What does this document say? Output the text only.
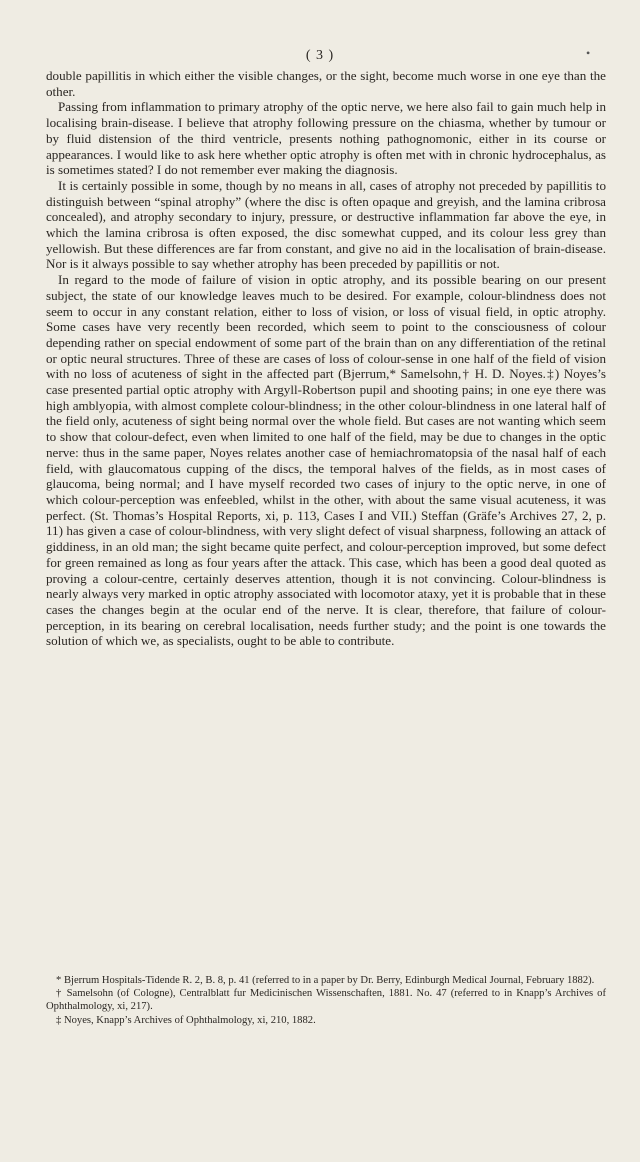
( 3 )	•

double papillitis in which either the visible changes, or the sight, become much worse in one eye than the other.

Passing from inflammation to primary atrophy of the optic nerve, we here also fail to gain much help in localising brain-disease. I believe that atrophy following pressure on the chiasma, whether by tumour or by fluid distension of the third ventricle, presents nothing pathognomonic, either in its course or appearances. I would like to ask here whether optic atrophy is often met with in chronic hydrocephalus, as is sometimes stated? I do not remember ever making the diagnosis.

It is certainly possible in some, though by no means in all, cases of atrophy not preceded by papillitis to distinguish between “spinal atrophy” (where the disc is often opaque and greyish, and the lamina cribrosa concealed), and atrophy secondary to injury, pressure, or destructive inflammation far above the eye, in which the lamina cribrosa is often exposed, the disc somewhat cupped, and its colour less grey than yellowish. But these differences are far from constant, and give no aid in the localisation of brain-disease. Nor is it always possible to say whether atrophy has been preceded by papillitis or not.

In regard to the mode of failure of vision in optic atrophy, and its possible bearing on our present subject, the state of our knowledge leaves much to be desired. For example, colour-blindness does not seem to occur in any constant relation, either to loss of vision, or loss of visual field, in optic atrophy. Some cases have very recently been recorded, which seem to point to the consciousness of colour depending rather on special endowment of some part of the brain than on any differentiation of the retinal or optic neural structures. Three of these are cases of loss of colour-sense in one half of the field of vision with no loss of acuteness of sight in the affected part (Bjerrum,* Samelsohn,† H. D. Noyes.‡) Noyes’s case presented partial optic atrophy with Argyll-Robertson pupil and shooting pains; in one eye there was high amblyopia, with almost complete colour-blindness; in the other colour-blindness in one lateral half of the field only, acuteness of sight being normal over the whole field. But cases are not wanting which seem to show that colour-defect, even when limited to one half of the field, may be due to changes in the optic nerve: thus in the same paper, Noyes relates another case of hemiachromatopsia of the nasal half of each field, with glaucomatous cupping of the discs, the temporal halves of the fields, as in most cases of glaucoma, being normal; and I have myself recorded two cases of injury to the optic nerve, in one of which colour-perception was enfeebled, whilst in the other, with about the same visual acuteness, it was perfect. (St. Thomas’s Hospital Reports, xi, p. 113, Cases I and VII.) Steffan (Gräfe’s Archives 27, 2, p. 11) has given a case of colour-blindness, with very slight defect of visual sharpness, following an attack of giddiness, in an old man; the sight became quite perfect, and colour-perception improved, but some defect for green remained as long as four years after the attack. This case, which has been a good deal quoted as proving a colour-centre, certainly deserves attention, though it is not convincing. Colour-blindness is nearly always very marked in optic atrophy associated with locomotor ataxy, yet it is probable that in these cases the changes begin at the ocular end of the nerve. It is clear, therefore, that failure of colour-perception, in its bearing on cerebral localisation, needs further study; and the point is one towards the solution of which we, as specialists, ought to be able to contribute.

* Bjerrum Hospitals-Tidende R. 2, B. 8, p. 41 (referred to in a paper by Dr. Berry, Edinburgh Medical Journal, February 1882).

† Samelsohn (of Cologne), Centralblatt fur Medicinischen Wissenschaften, 1881. No. 47 (referred to in Knapp’s Archives of Ophthalmology, xi, 217).

‡ Noyes, Knapp’s Archives of Ophthalmology, xi, 210, 1882.
